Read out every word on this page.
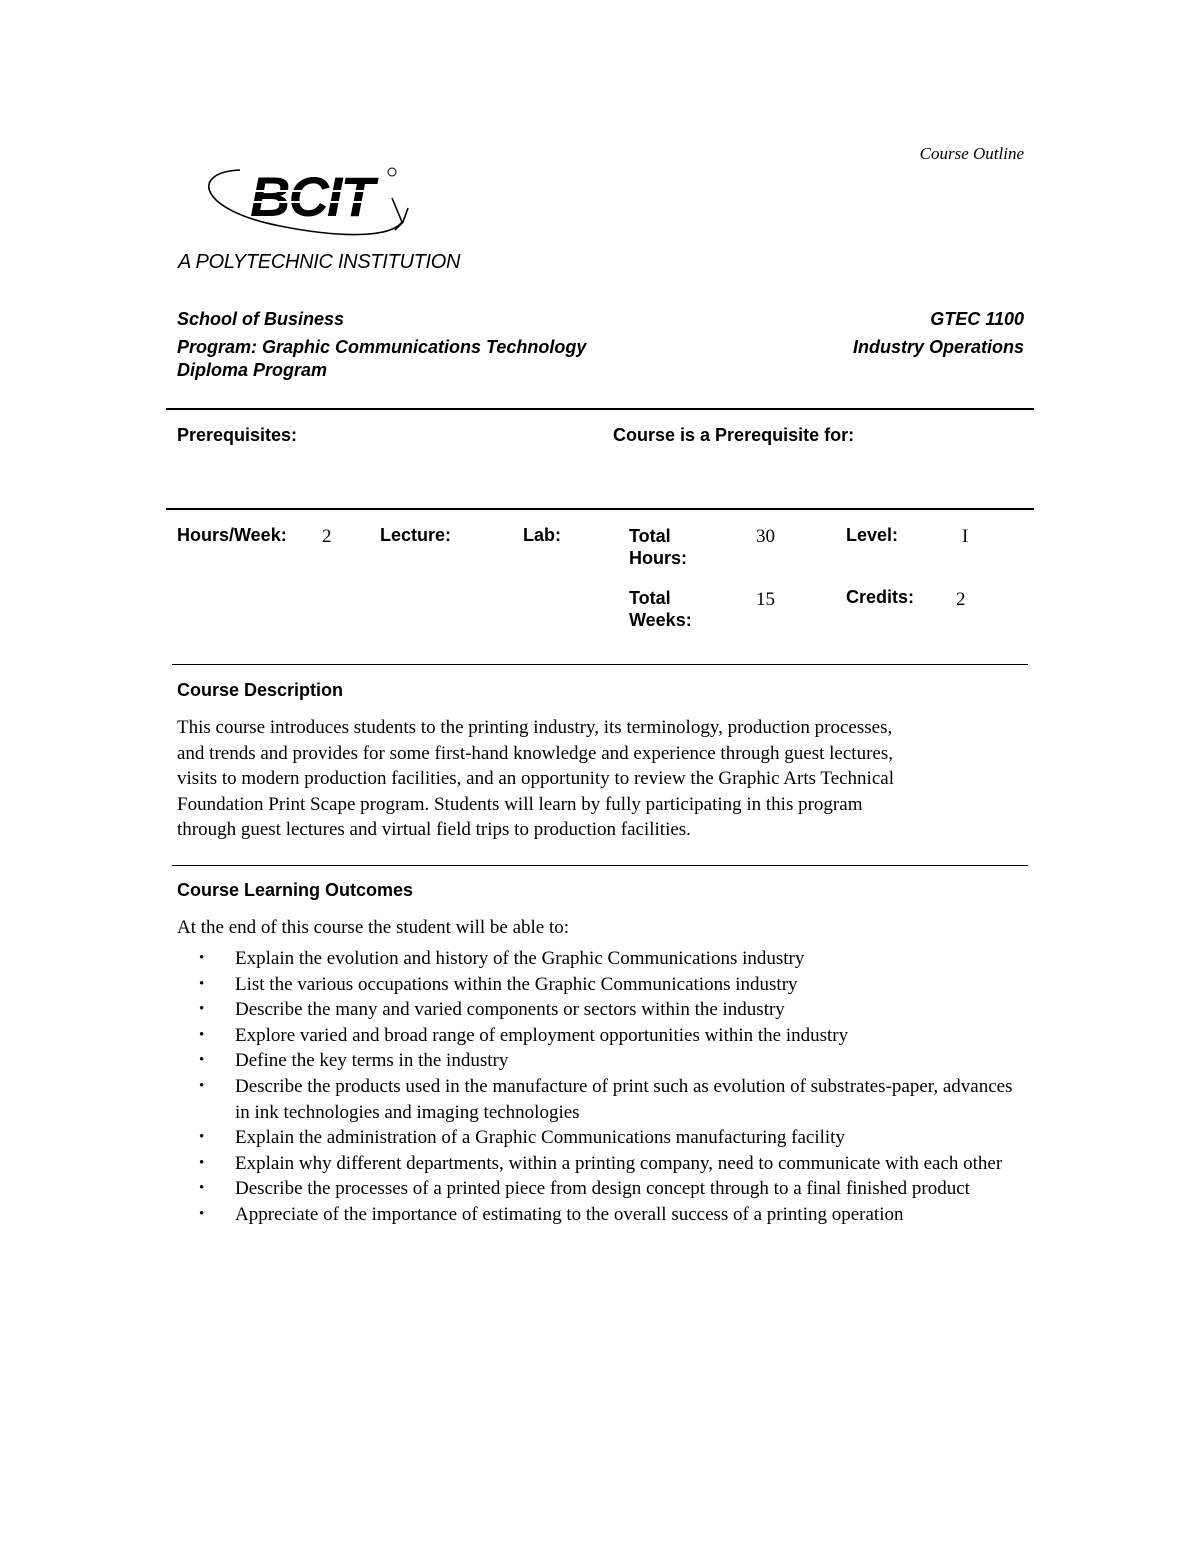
Course Outline
BCIT
A POLYTECHNIC INSTITUTION
School of Business
Program: Graphic Communications Technology
Diploma Program
GTEC 1100
Industry Operations
Prerequisites:	Course is a Prerequisite for:
Hours/Week: 2	Lecture:	Lab:	Total
Hours:
30	Level:	I
Total
Weeks:
15	Credits: 2
Course Description
This course introduces students to the printing industry, its terminology, production processes,
and trends and provides for some first-hand knowledge and experience through guest lectures,
visits to modern production facilities, and an opportunity to review the Graphic Arts Technical
Foundation Print Scape program. Students will learn by fully participating in this program
through guest lectures and virtual field trips to production facilities.
Course Learning Outcomes
At the end of this course the student will be able to:
• Explain the evolution and history of the Graphic Communications industry
• List the various occupations within the Graphic Communications industry
• Describe the many and varied components or sectors within the industry
• Explore varied and broad range of employment opportunities within the industry
• Define the key terms in the industry
• Describe the products used in the manufacture of print such as evolution of substrates-paper, advances in ink technologies and imaging technologies
• Explain the administration of a Graphic Communications manufacturing facility
• Explain why different departments, within a printing company, need to communicate with each other
• Describe the processes of a printed piece from design concept through to a final finished product
• Appreciate of the importance of estimating to the overall success of a printing operation
